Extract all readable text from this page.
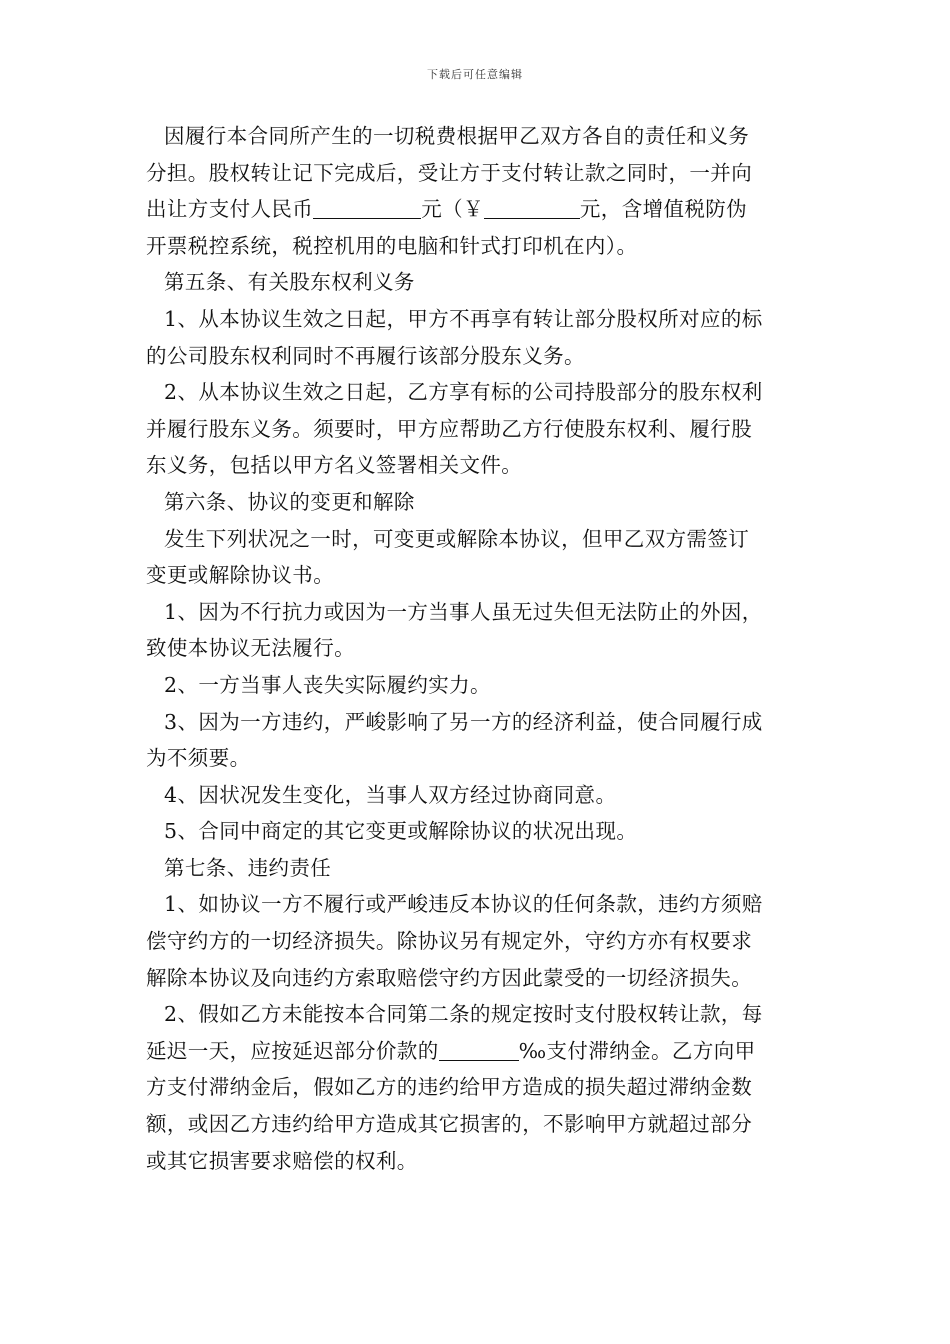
下载后可任意编辑
因履行本合同所产生的一切税费根据甲乙双方各自的责任和义务
分担。股权转让记下完成后，受让方于支付转让款之同时，一并向
出让方支付人民币	元（￥	元，含增值税防伪
开票税控系统，税控机用的电脑和针式打印机在内）。
第五条、有关股东权利义务
1、从本协议生效之日起，甲方不再享有转让部分股权所对应的标
的公司股东权利同时不再履行该部分股东义务。
2、从本协议生效之日起，乙方享有标的公司持股部分的股东权利
并履行股东义务。须要时，甲方应帮助乙方行使股东权利、履行股
东义务，包括以甲方名义签署相关文件。
第六条、协议的变更和解除
发生下列状况之一时，可变更或解除本协议，但甲乙双方需签订
变更或解除协议书。
1、因为不行抗力或因为一方当事人虽无过失但无法防止的外因，
致使本协议无法履行。
2、一方当事人丧失实际履约实力。
3、因为一方违约，严峻影响了另一方的经济利益，使合同履行成
为不须要。
4、因状况发生变化，当事人双方经过协商同意。
5、合同中商定的其它变更或解除协议的状况出现。
第七条、违约责任
1、如协议一方不履行或严峻违反本协议的任何条款，违约方须赔
偿守约方的一切经济损失。除协议另有规定外，守约方亦有权要求
解除本协议及向违约方索取赔偿守约方因此蒙受的一切经济损失。
2、假如乙方未能按本合同第二条的规定按时支付股权转让款，每
延迟一天，应按延迟部分价款的	‰支付滞纳金。乙方向甲
方支付滞纳金后，假如乙方的违约给甲方造成的损失超过滞纳金数
额，或因乙方违约给甲方造成其它损害的，不影响甲方就超过部分
或其它损害要求赔偿的权利。
